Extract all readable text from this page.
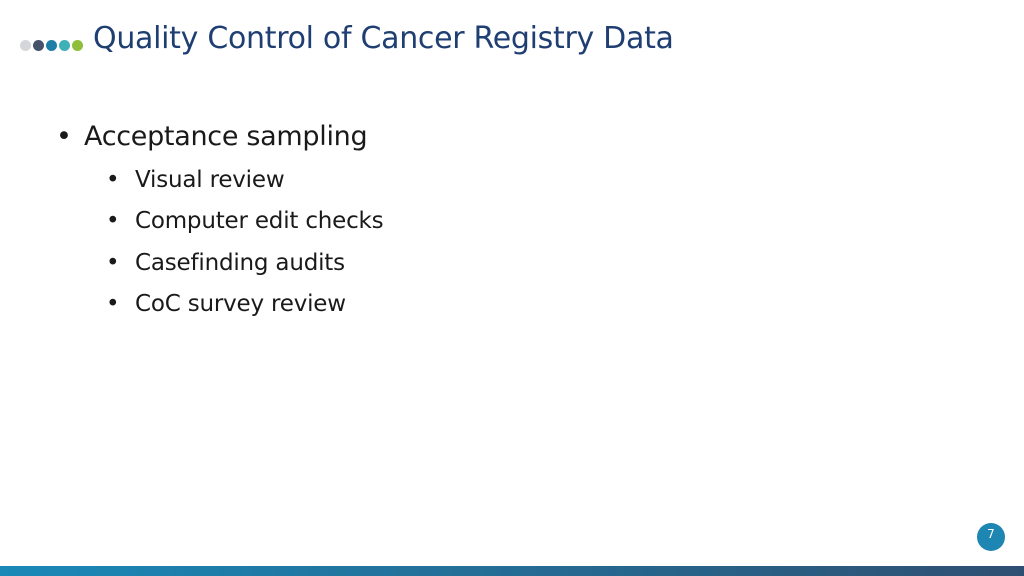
Quality Control of Cancer Registry Data
• Acceptance sampling
• Visual review
• Computer edit checks
• Casefinding audits
• CoC survey review
7
